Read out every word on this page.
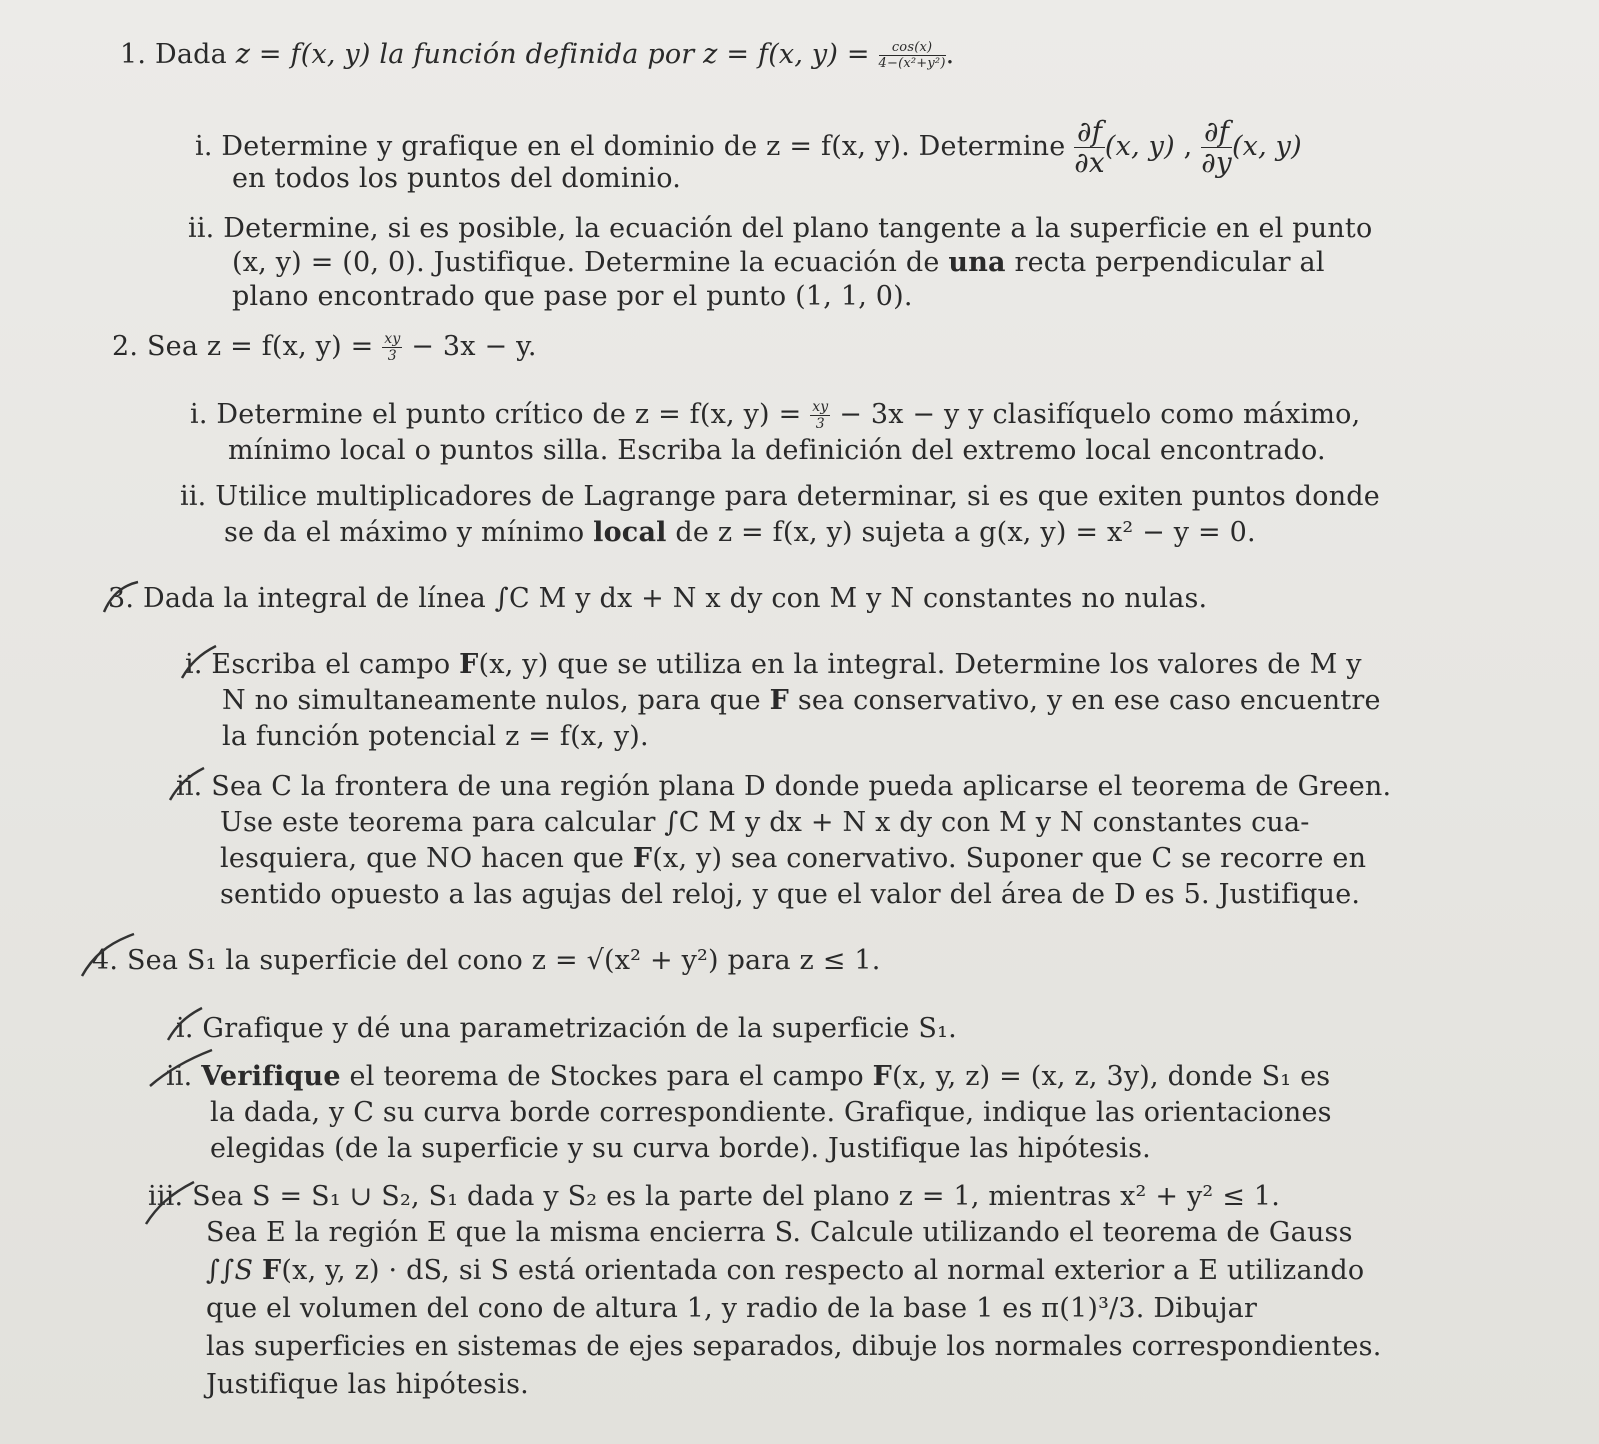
1. Dada z = f(x, y) la función definida por z = f(x, $y) = \frac{\cos(x)}{\text{4−(x²+y²)}}$ .
i. Determine y grafique en el dominio de z = f(x, y). Determine $\frac{\partial f}{\partial x} (x$, y) , $\frac{\partial f}{\partial y} (x$, y)
en todos los puntos del dominio.
ii. Determine, si es posible, la ecuación del plano tangente a la superficie en el punto
(x, y) = (0, 0). Justifique. Determine la ecuación de una recta perpendicular al
plano encontrado que pase por el punto (1, 1, 0).
2. Sea z = f(x, $y) = \frac{xy}{3} - 3x - y$.
i. Determine el punto crítico de z = f(x, $y) = \frac{xy}{3} - 3x - y$ y clasifíquelo como máximo,
mínimo local o puntos silla. Escriba la definición del extremo local encontrado.
ii. Utilice multiplicadores de Lagrange para determinar, si es que exiten puntos donde
se da el máximo y mínimo local de z = f(x, y) sujeta a g(x, y) = x² − y = 0.
3. Dada la integral de línea ∫C M y dx + N x dy con M y N constantes no nulas.
i. Escriba el campo F(x, y) que se utiliza en la integral. Determine los valores de M y
N no simultaneamente nulos, para que F sea conservativo, y en ese caso encuentre
la función potencial z = f(x, y).
ii. Sea C la frontera de una región plana D donde pueda aplicarse el teorema de Green.
Use este teorema para calcular ∫C M y dx + N x dy con M y N constantes cua-
lesquiera, que NO hacen que F(x, y) sea conervativo. Suponer que C se recorre en
sentido opuesto a las agujas del reloj, y que el valor del área de D es 5. Justifique.
4. Sea S₁ la superficie del cono z = √(x² + y²) para z ≤ 1.
i. Grafique y dé una parametrización de la superficie S₁.
ii. Verifique el teorema de Stockes para el campo F(x, y, z) = (x, z, 3y), donde S₁ es
la dada, y C su curva borde correspondiente. Grafique, indique las orientaciones
elegidas (de la superficie y su curva borde). Justifique las hipótesis.
iii. Sea S = S₁ ∪ S₂, S₁ dada y S₂ es la parte del plano z = 1, mientras x² + y² ≤ 1.
Sea E la región E que la misma encierra S. Calcule utilizando el teorema de Gauss
∫∫S F(x, y, z) · dS, si S está orientada con respecto al normal exterior a E utilizando
que el volumen del cono de altura 1, y radio de la base 1 es π(1)³/3. Dibujar
las superficies en sistemas de ejes separados, dibuje los normales correspondientes.
Justifique las hipótesis.
